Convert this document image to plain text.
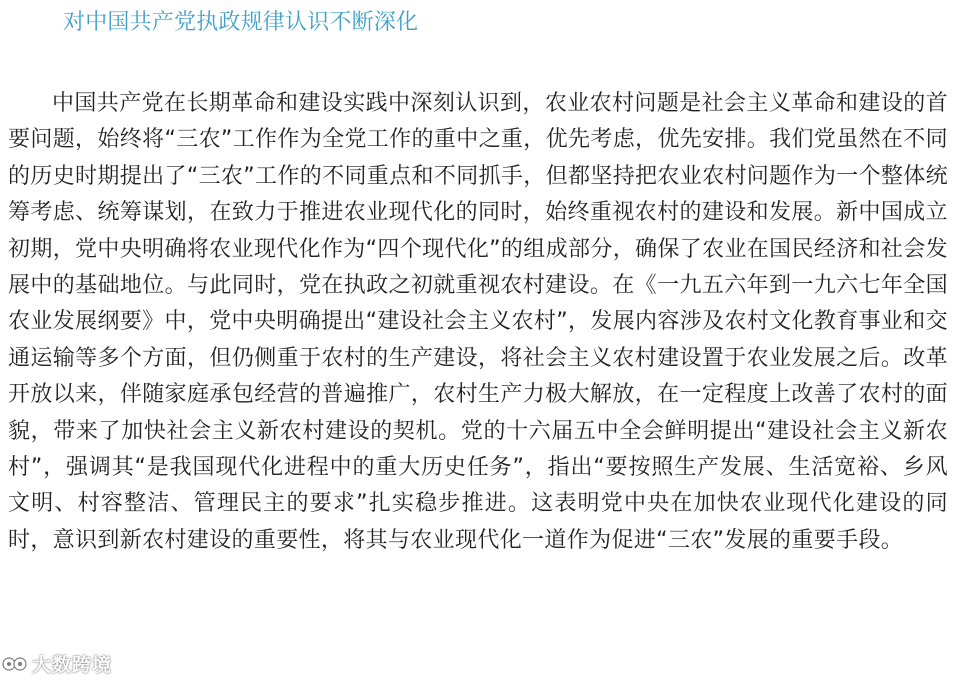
对中国共产党执政规律认识不断深化

中国共产党在长期革命和建设实践中深刻认识到，农业农村问题是社会主义革命和建设的首要问题，始终将“三农”工作作为全党工作的重中之重，优先考虑，优先安排。我们党虽然在不同的历史时期提出了“三农”工作的不同重点和不同抓手，但都坚持把农业农村问题作为一个整体统筹考虑、统筹谋划，在致力于推进农业现代化的同时，始终重视农村的建设和发展。新中国成立初期，党中央明确将农业现代化作为“四个现代化”的组成部分，确保了农业在国民经济和社会发展中的基础地位。与此同时，党在执政之初就重视农村建设。在《一九五六年到一九六七年全国农业发展纲要》中，党中央明确提出“建设社会主义农村”，发展内容涉及农村文化教育事业和交通运输等多个方面，但仍侧重于农村的生产建设，将社会主义农村建设置于农业发展之后。改革开放以来，伴随家庭承包经营的普遍推广，农村生产力极大解放，在一定程度上改善了农村的面貌，带来了加快社会主义新农村建设的契机。党的十六届五中全会鲜明提出“建设社会主义新农村”，强调其“是我国现代化进程中的重大历史任务”，指出“要按照生产发展、生活宽裕、乡风文明、村容整洁、管理民主的要求”扎实稳步推进。这表明党中央在加快农业现代化建设的同时，意识到新农村建设的重要性，将其与农业现代化一道作为促进“三农”发展的重要手段。

大数跨境
